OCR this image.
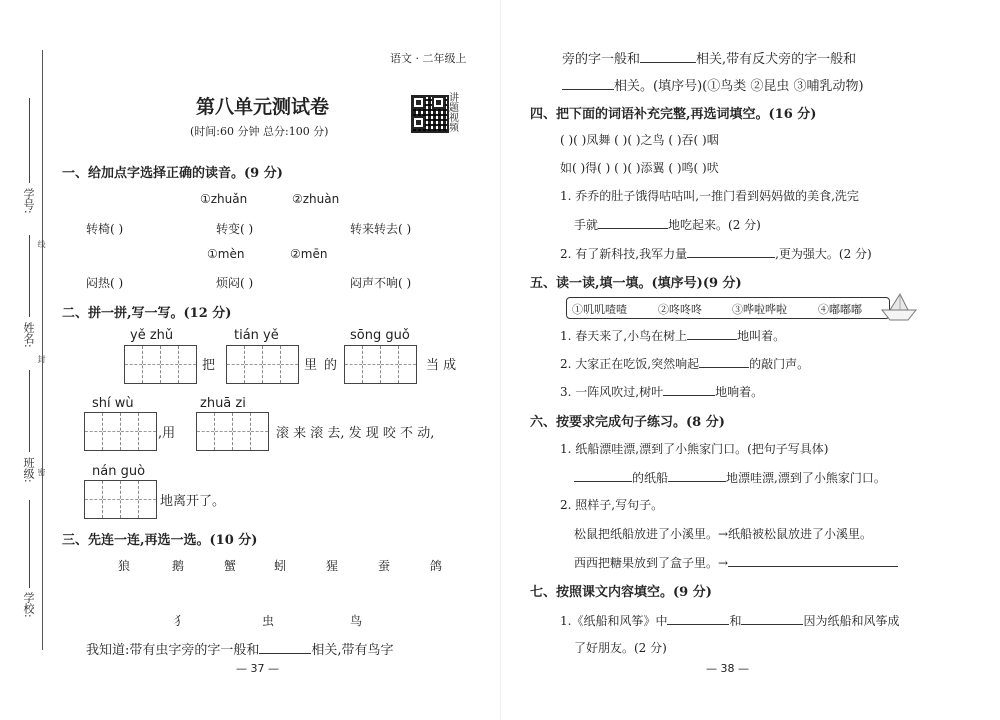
学号:
线
姓名:
封
班级: 密
学校:
语文 · 二年级上
第八单元测试卷
(时间:60 分钟 总分:100 分)
讲题视频
一、给加点字选择正确的读音。(9 分)
①zhuǎn	②zhuàn
转椅( )	转变( )	转来转去( )
①mèn	②mēn
闷热( )	烦闷( )	闷声不响( )
二、拼一拼,写一写。(12 分)
yě zhǔ	tián yě	sōng guǒ
把	里 的	当 成
shí wù	zhuā zi
,用	滚 来 滚 去, 发 现 咬 不 动,
nán guò
地离开了。
三、先连一连,再选一选。(10 分)
狼	鹅	蟹	蚓	猩	蚕	鸽
犭	虫	鸟
我知道:带有虫字旁的字一般和	相关,带有鸟字
— 37 —
旁的字一般和	相关,带有反犬旁的字一般和
相关。(填序号)(①鸟类 ②昆虫 ③哺乳动物)
四、把下面的词语补充完整,再选词填空。(16 分)
( )( )凤舞 ( )( )之鸟 ( )吞( )咽
如( )得( ) ( )( )添翼 ( )鸣( )吠
1. 乔乔的肚子饿得咕咕叫,一推门看到妈妈做的美食,洗完
手就	地吃起来。(2 分)
2. 有了新科技,我军力量	,更为强大。(2 分)
五、读一读,填一填。(填序号)(9 分)
①叽叽喳喳	②咚咚咚	③哗啦哗啦	④嘟嘟嘟
1. 春天来了,小鸟在树上	地叫着。
2. 大家正在吃饭,突然响起	的敲门声。
3. 一阵风吹过,树叶	地响着。
六、按要求完成句子练习。(8 分)
1. 纸船漂哇漂,漂到了小熊家门口。(把句子写具体)
的纸船	地漂哇漂,漂到了小熊家门口。
2. 照样子,写句子。
松鼠把纸船放进了小溪里。→纸船被松鼠放进了小溪里。
西西把糖果放到了盒子里。→
七、按照课文内容填空。(9 分)
1.《纸船和风筝》中	和	因为纸船和风筝成
了好朋友。(2 分)
— 38 —
